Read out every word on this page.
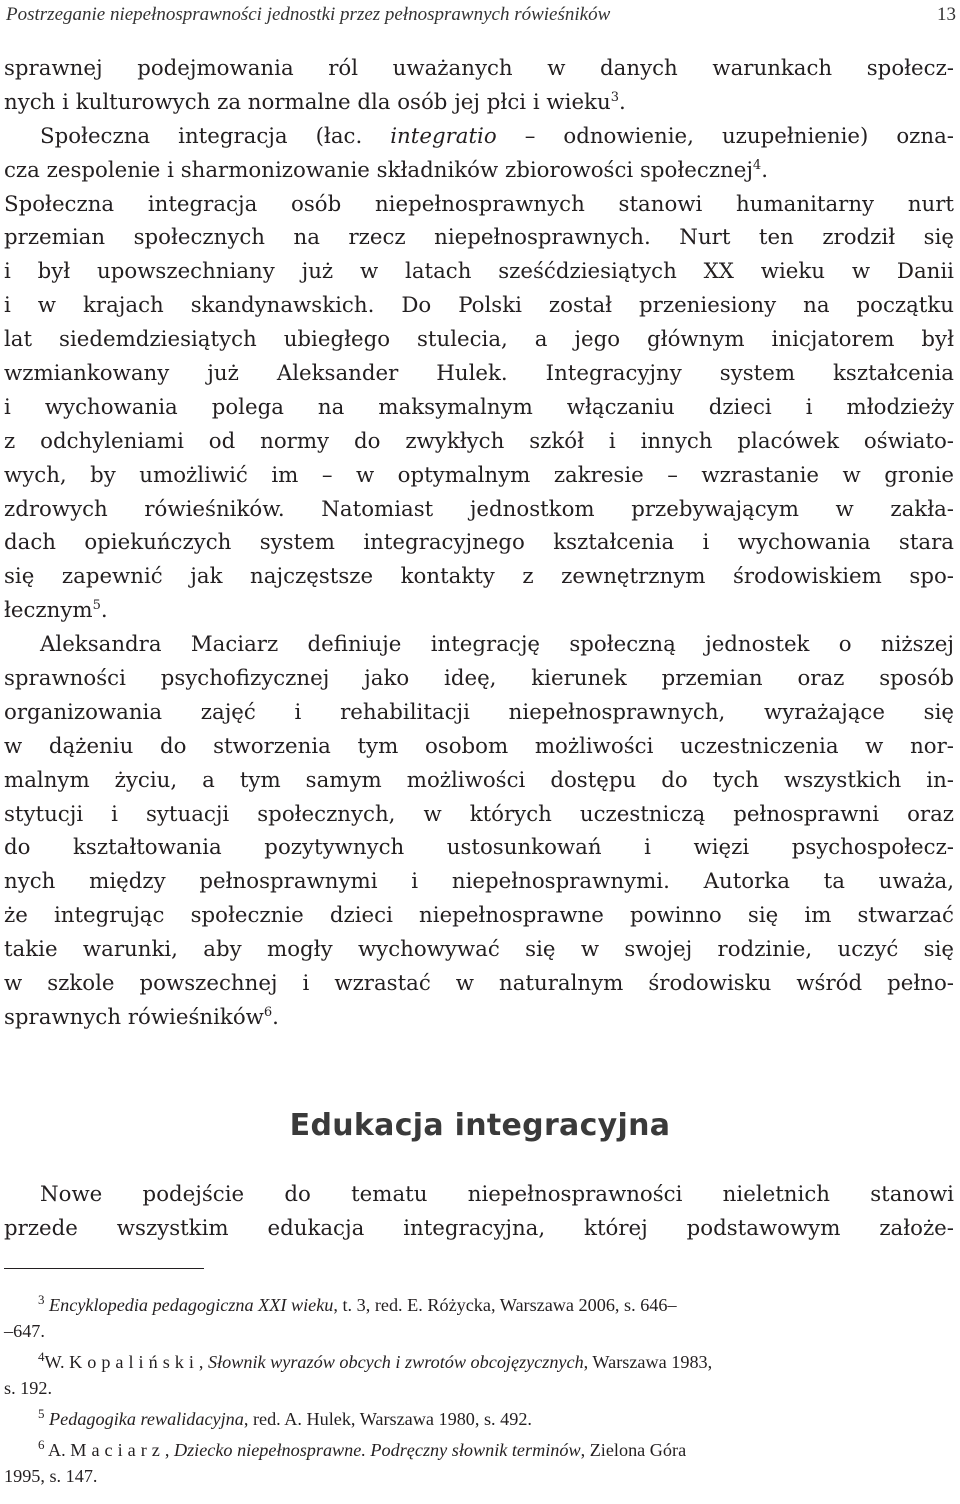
Postrzeganie niepełnosprawności jednostki przez pełnosprawnych rówieśników	13
sprawnej podejmowania ról uważanych w danych warunkach społecz-
nych i kulturowych za normalne dla osób jej płci i wieku$^3$.
Społeczna integracja (łac. integratio – odnowienie, uzupełnienie) ozna-
cza zespolenie i sharmonizowanie składników zbiorowości społecznej$^4$.
Społeczna integracja osób niepełnosprawnych stanowi humanitarny nurt
przemian społecznych na rzecz niepełnosprawnych. Nurt ten zrodził się
i był upowszechniany już w latach sześćdziesiątych XX wieku w Danii
i w krajach skandynawskich. Do Polski został przeniesiony na początku
lat siedemdziesiątych ubiegłego stulecia, a jego głównym inicjatorem był
wzmiankowany już Aleksander Hulek. Integracyjny system kształcenia
i wychowania polega na maksymalnym włączaniu dzieci i młodzieży
z odchyleniami od normy do zwykłych szkół i innych placówek oświato-
wych, by umożliwić im – w optymalnym zakresie – wzrastanie w gronie
zdrowych rówieśników. Natomiast jednostkom przebywającym w zakła-
dach opiekuńczych system integracyjnego kształcenia i wychowania stara
się zapewnić jak najczęstsze kontakty z zewnętrznym środowiskiem spo-
łecznym$^5$.
Aleksandra Maciarz definiuje integrację społeczną jednostek o niższej
sprawności psychofizycznej jako ideę, kierunek przemian oraz sposób
organizowania zajęć i rehabilitacji niepełnosprawnych, wyrażające się
w dążeniu do stworzenia tym osobom możliwości uczestniczenia w nor-
malnym życiu, a tym samym możliwości dostępu do tych wszystkich in-
stytucji i sytuacji społecznych, w których uczestniczą pełnosprawni oraz
do kształtowania pozytywnych ustosunkowań i więzi psychospołecz-
nych między pełnosprawnymi i niepełnosprawnymi. Autorka ta uważa,
że integrując społecznie dzieci niepełnosprawne powinno się im stwarzać
takie warunki, aby mogły wychowywać się w swojej rodzinie, uczyć się
w szkole powszechnej i wzrastać w naturalnym środowisku wśród pełno-
sprawnych rówieśników$^6$.
Edukacja integracyjna
Nowe podejście do tematu niepełnosprawności nieletnich stanowi
przede wszystkim edukacja integracyjna, której podstawowym założe-
$^3$ Encyklopedia pedagogiczna XXI wieku, t. 3, red. E. Różycka, Warszawa 2006, s. 646–
–647.
$^4$W. Kopaliński, Słownik wyrazów obcych i zwrotów obcojęzycznych, Warszawa 1983,
s. 192.
$^5$ Pedagogika rewalidacyjna, red. A. Hulek, Warszawa 1980, s. 492.
$^6$ A. Maciarz, Dziecko niepełnosprawne. Podręczny słownik terminów, Zielona Góra
1995, s. 147.
